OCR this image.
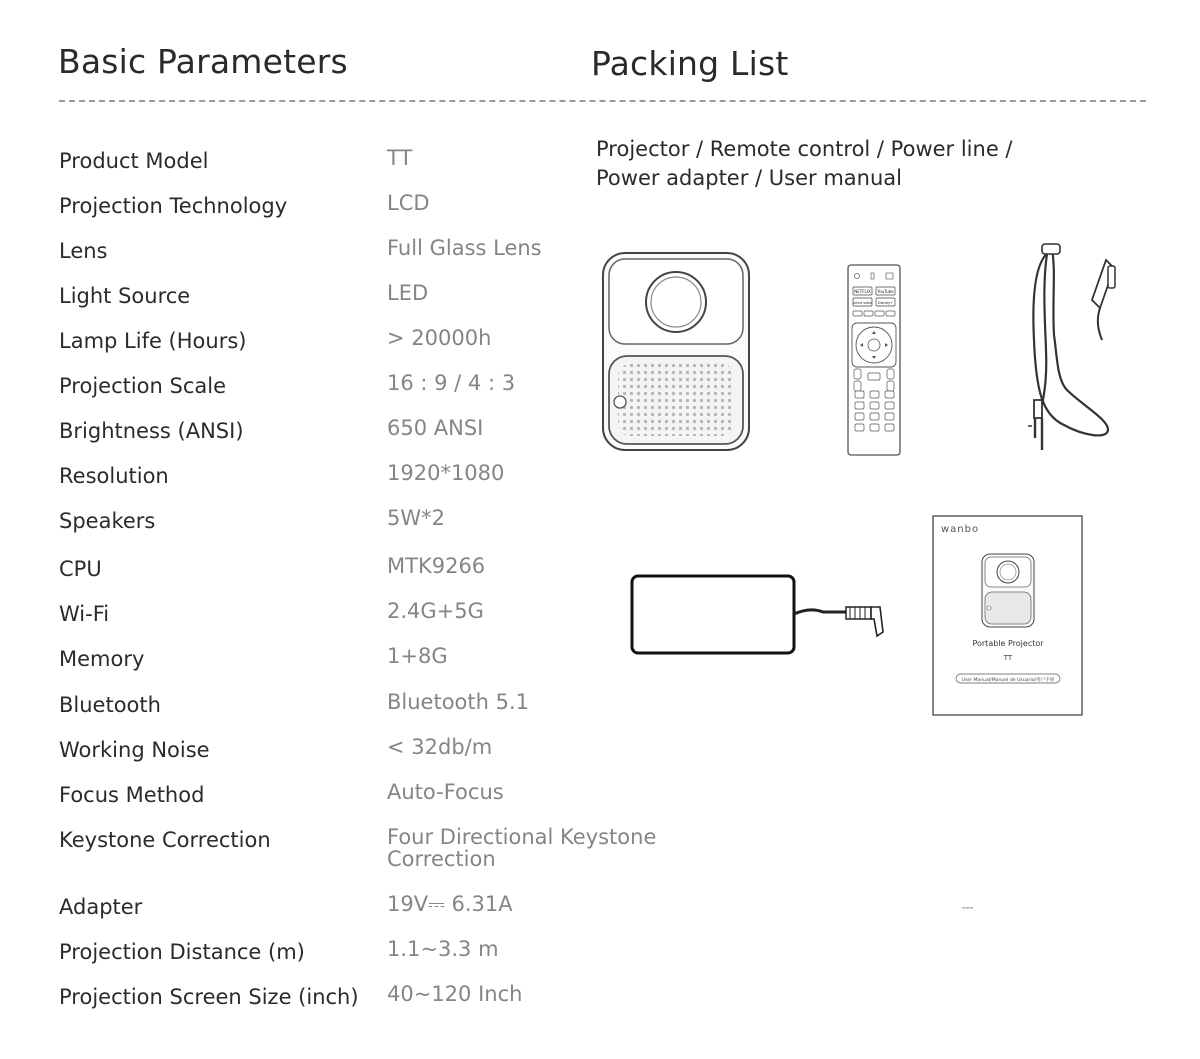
Basic Parameters	Packing List
Product Model	TT
Projection Technology	LCD
Lens	Full Glass Lens
Light Source	LED
Lamp Life (Hours)	> 20000h
Projection Scale	16 : 9 / 4 : 3
Brightness (ANSI)	650 ANSI
Resolution	1920*1080
Speakers	5W*2
CPU	MTK9266
Wi-Fi	2.4G+5G
Memory	1+8G
Bluetooth	Bluetooth 5.1
Working Noise	< 32db/m
Focus Method	Auto-Focus
Keystone Correction	Four Directional Keystone Correction
Adapter	19V⎓ 6.31A
Projection Distance (m)	1.1~3.3 m
Projection Screen Size (inch) 40~120 Inch
Projector / Remote control / Power line / Power adapter / User manual
NETFLIX YouTube
prime video Disney+
wanbo
Portable Projector
TT
User Manual/Manuel de Usuario/用户手册
⎓
